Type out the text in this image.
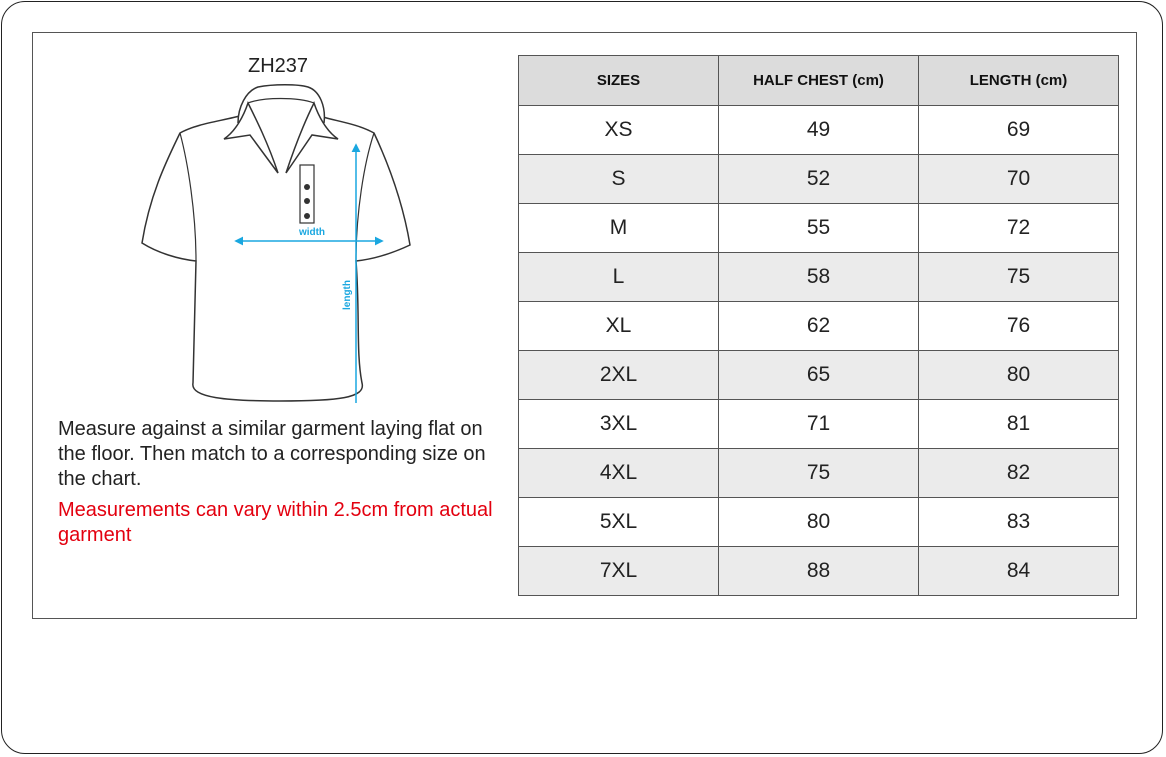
ZH237
width
length
Measure against a similar garment laying flat on the floor. Then match to a corresponding size on the chart.
Measurements can vary within 2.5cm from actual garment
SIZES	HALF CHEST (cm)	LENGTH (cm)
XS	49	69
S	52	70
M	55	72
L	58	75
XL	62	76
2XL	65	80
3XL	71	81
4XL	75	82
5XL	80	83
7XL	88	84
